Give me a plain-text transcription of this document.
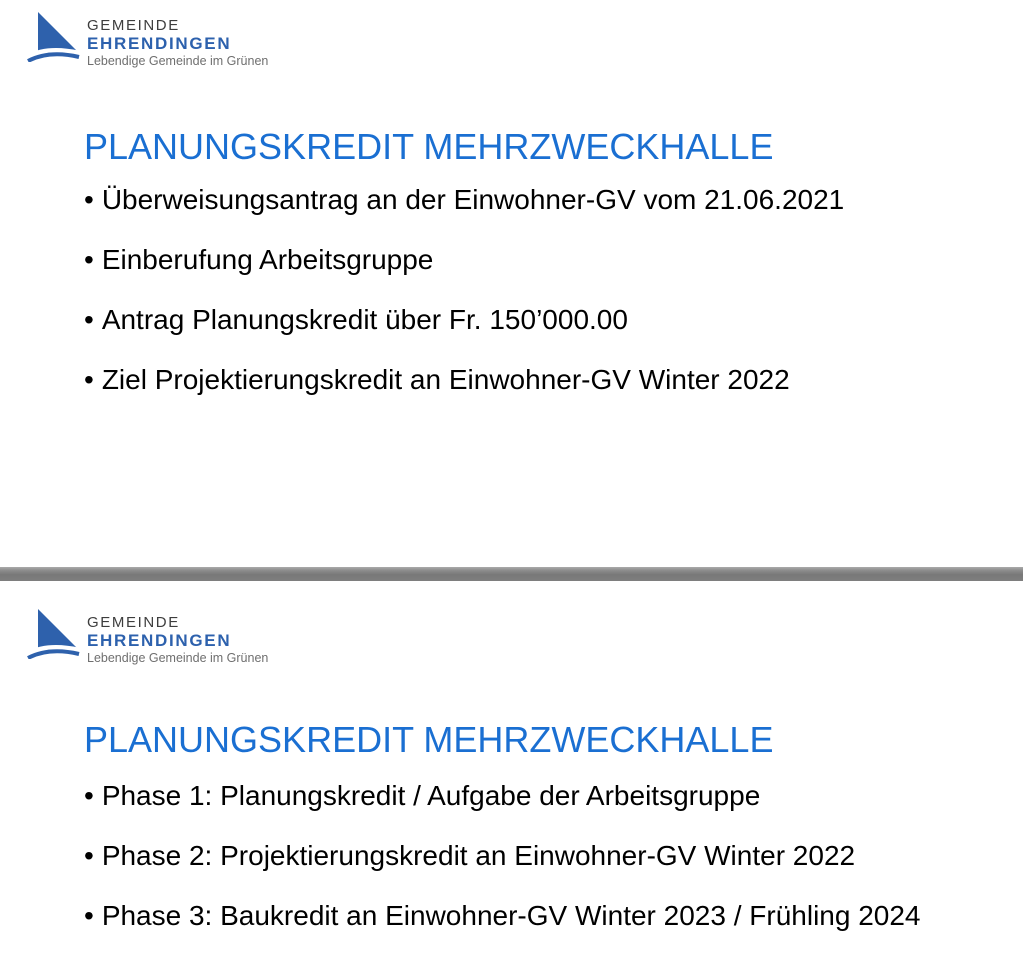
GEMEINDE
EHRENDINGEN
Lebendige Gemeinde im Grünen
PLANUNGSKREDIT MEHRZWECKHALLE
• Überweisungsantrag an der Einwohner-GV vom 21.06.2021
• Einberufung Arbeitsgruppe
• Antrag Planungskredit über Fr. 150’000.00
• Ziel Projektierungskredit an Einwohner-GV Winter 2022
GEMEINDE
EHRENDINGEN
Lebendige Gemeinde im Grünen
PLANUNGSKREDIT MEHRZWECKHALLE
• Phase 1: Planungskredit / Aufgabe der Arbeitsgruppe
• Phase 2: Projektierungskredit an Einwohner-GV Winter 2022
• Phase 3: Baukredit an Einwohner-GV Winter 2023 / Frühling 2024
